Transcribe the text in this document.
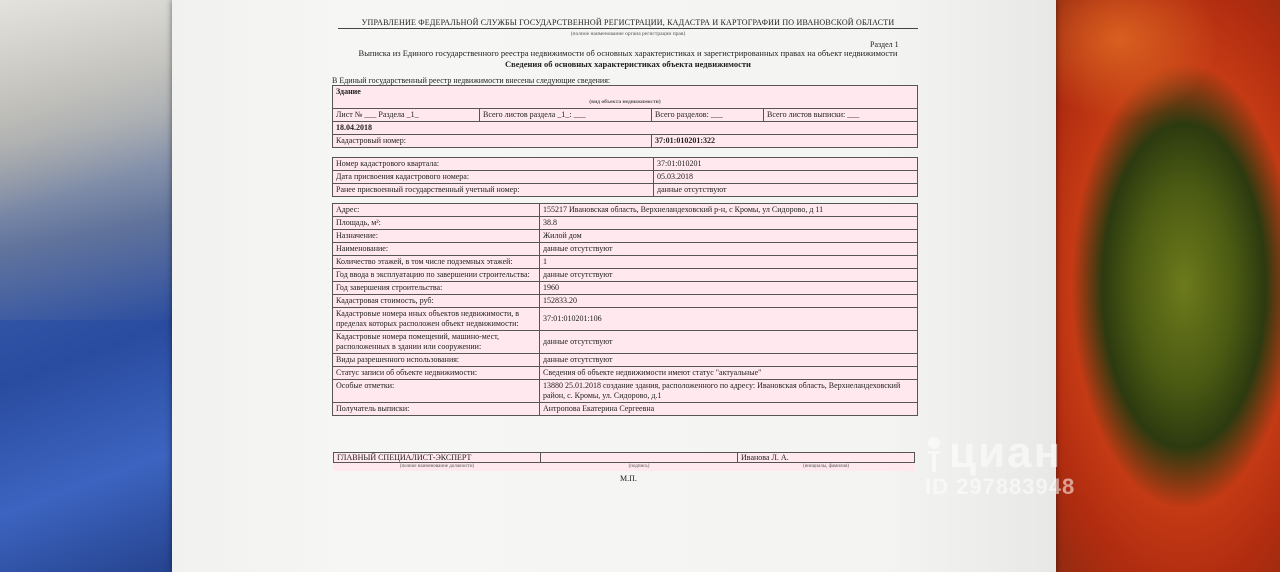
УПРАВЛЕНИЕ ФЕДЕРАЛЬНОЙ СЛУЖБЫ ГОСУДАРСТВЕННОЙ РЕГИСТРАЦИИ, КАДАСТРА И КАРТОГРАФИИ ПО ИВАНОВСКОЙ ОБЛАСТИ
(полное наименование органа регистрации прав)
Раздел 1
Выписка из Единого государственного реестра недвижимости об основных характеристиках и зарегистрированных правах на объект недвижимости
Сведения об основных характеристиках объекта недвижимости
В Единый государственный реестр недвижимости внесены следующие сведения:
Здание
(вид объекта недвижимости)			

Лист № ___ Раздела _1_	Всего листов раздела _1_: ___	Всего разделов: ___	Всего листов выписки: ___
18.04.2018			
Кадастровый номер:		37:01:010201:322	
Номер кадастрового квартала:	37:01:010201
Дата присвоения кадастрового номера:	05.03.2018
Ранее присвоенный государственный учетный номер:	данные отсутствуют
Адрес:	155217 Ивановская область, Верхнеландеховский р-н, с Кромы, ул Сидорово, д 11
Площадь, м²:	38.8
Назначение:	Жилой дом
Наименование:	данные отсутствуют
Количество этажей, в том числе подземных этажей:	1
Год ввода в эксплуатацию по завершении строительства:	данные отсутствуют
Год завершения строительства:	1960
Кадастровая стоимость, руб:	152833.20
Кадастровые номера иных объектов недвижимости, в пределах которых расположен объект недвижимости:	37:01:010201:106
Кадастровые номера помещений, машино-мест, расположенных в здании или сооружении:	данные отсутствуют
Виды разрешенного использования:	данные отсутствуют
Статус записи об объекте недвижимости:	Сведения об объекте недвижимости имеют статус "актуальные"
Особые отметки:	13880 25.01.2018 создание здания, расположенного по адресу: Ивановская область, Верхнеландеховский район, с. Кромы, ул. Сидорово, д.1
Получатель выписки:	Антропова Екатерина Сергеевна
ГЛАВНЫЙ СПЕЦИАЛИСТ-ЭКСПЕРТ		Иванова Л. А.
(полное наименование должности)	(подпись)	(инициалы, фамилия)
М.П.
циан
ID 297883948
